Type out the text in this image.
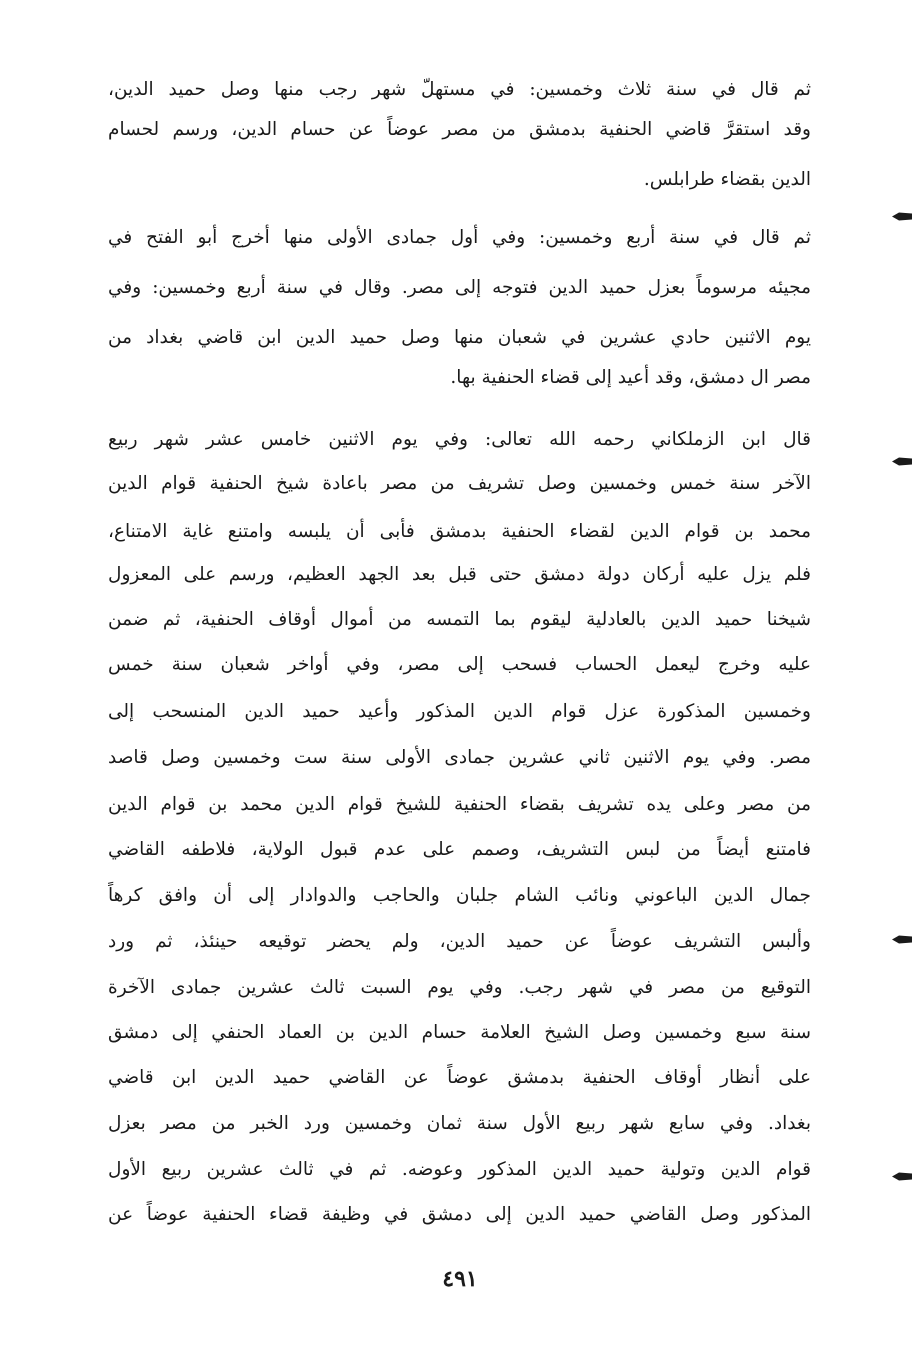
ثم قال في سنة ثلاث وخمسين: في مستهلّ شهر رجب منها وصل حميد الدين،
وقد استقرَّ قاضي الحنفية بدمشق من مصر عوضاً عن حسام الدين، ورسم لحسام
الدين بقضاء طرابلس.
ثم قال في سنة أربع وخمسين: وفي أول جمادى الأولى منها أخرج أبو الفتح في
مجيئه مرسوماً بعزل حميد الدين فتوجه إلى مصر. وقال في سنة أربع وخمسين: وفي
يوم الاثنين حادي عشرين في شعبان منها وصل حميد الدين ابن قاضي بغداد من
مصر ال دمشق، وقد أعيد إلى قضاء الحنفية بها.
قال ابن الزملكاني رحمه الله تعالى: وفي يوم الاثنين خامس عشر شهر ربيع
الآخر سنة خمس وخمسين وصل تشريف من مصر باعادة شيخ الحنفية قوام الدين
محمد بن قوام الدين لقضاء الحنفية بدمشق فأبى أن يلبسه وامتنع غاية الامتناع،
فلم يزل عليه أركان دولة دمشق حتى قبل بعد الجهد العظيم، ورسم على المعزول
شيخنا حميد الدين بالعادلية ليقوم بما التمسه من أموال أوقاف الحنفية، ثم ضمن
عليه وخرج ليعمل الحساب فسحب إلى مصر، وفي أواخر شعبان سنة خمس
وخمسين المذكورة عزل قوام الدين المذكور وأعيد حميد الدين المنسحب إلى
مصر. وفي يوم الاثنين ثاني عشرين جمادى الأولى سنة ست وخمسين وصل قاصد
من مصر وعلى يده تشريف بقضاء الحنفية للشيخ قوام الدين محمد بن قوام الدين
فامتنع أيضاً من لبس التشريف، وصمم على عدم قبول الولاية، فلاطفه القاضي
جمال الدين الباعوني ونائب الشام جلبان والحاجب والدوادار إلى أن وافق كرهاً
وألبس التشريف عوضاً عن حميد الدين، ولم يحضر توقيعه حينئذ، ثم ورد
التوقيع من مصر في شهر رجب. وفي يوم السبت ثالث عشرين جمادى الآخرة
سنة سبع وخمسين وصل الشيخ العلامة حسام الدين بن العماد الحنفي إلى دمشق
على أنظار أوقاف الحنفية بدمشق عوضاً عن القاضي حميد الدين ابن قاضي
بغداد. وفي سابع شهر ربيع الأول سنة ثمان وخمسين ورد الخبر من مصر بعزل
قوام الدين وتولية حميد الدين المذكور وعوضه. ثم في ثالث عشرين ربيع الأول
المذكور وصل القاضي حميد الدين إلى دمشق في وظيفة قضاء الحنفية عوضاً عن
٤٩١
